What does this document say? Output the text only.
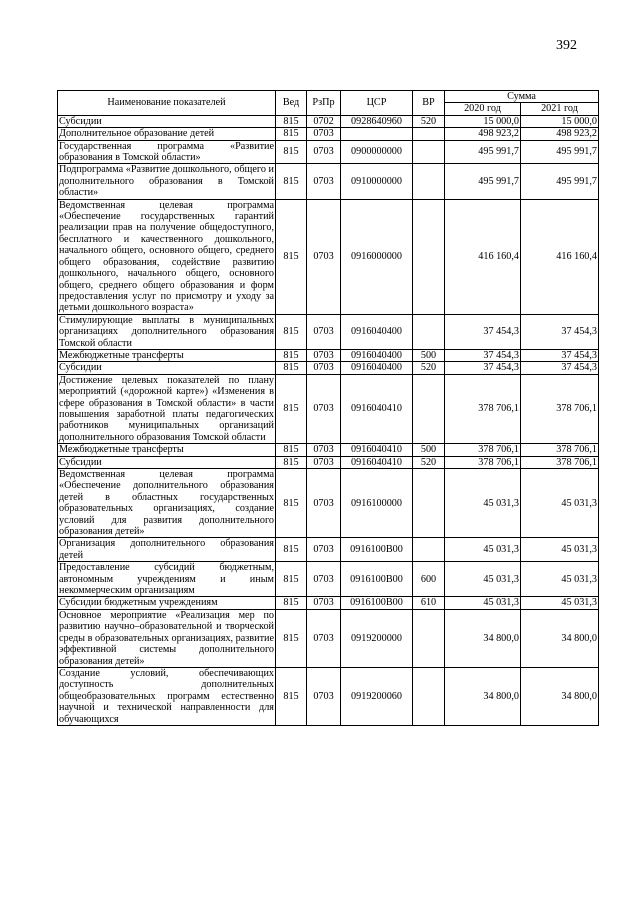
392
Наименование показателей	Вед	РзПр	ЦСР	ВР	Сумма	
					2020 год	2021 год
Субсидии	815	0702	0928640960	520	15 000,0	15 000,0
Дополнительное образование детей	815	0703			498 923,2	498 923,2
Государственная программа «Развитие образования в Томской области»	815	0703	0900000000		495 991,7	495 991,7
Подпрограмма «Развитие дошкольного, общего и дополнительного образования в Томской области»	815	0703	0910000000		495 991,7	495 991,7
Ведомственная целевая программа «Обеспечение государственных гарантий реализации прав на получение общедоступного, бесплатного и качественного дошкольного, начального общего, основного общего, среднего общего образования, содействие развитию дошкольного, начального общего, основного общего, среднего общего образования и форм предоставления услуг по присмотру и уходу за детьми дошкольного возраста»	815	0703	0916000000		416 160,4	416 160,4
Стимулирующие выплаты в муниципальных организациях дополнительного образования Томской области	815	0703	0916040400		37 454,3	37 454,3
Межбюджетные трансферты	815	0703	0916040400	500	37 454,3	37 454,3
Субсидии	815	0703	0916040400	520	37 454,3	37 454,3
Достижение целевых показателей по плану мероприятий («дорожной карте») «Изменения в сфере образования в Томской области» в части повышения заработной платы педагогических работников муниципальных организаций дополнительного образования Томской области	815	0703	0916040410		378 706,1	378 706,1
Межбюджетные трансферты	815	0703	0916040410	500	378 706,1	378 706,1
Субсидии	815	0703	0916040410	520	378 706,1	378 706,1
Ведомственная целевая программа «Обеспечение дополнительного образования детей в областных государственных образовательных организациях, создание условий для развития дополнительного образования детей»	815	0703	0916100000		45 031,3	45 031,3
Организация дополнительного образования детей	815	0703	0916100В00		45 031,3	45 031,3
Предоставление субсидий бюджетным, автономным учреждениям и иным некоммерческим организациям	815	0703	0916100В00	600	45 031,3	45 031,3
Субсидии бюджетным учреждениям	815	0703	0916100В00	610	45 031,3	45 031,3
Основное мероприятие «Реализация мер по развитию научно–образовательной и творческой среды в образовательных организациях, развитие эффективной системы дополнительного образования детей»	815	0703	0919200000		34 800,0	34 800,0
Создание условий, обеспечивающих доступность дополнительных общеобразовательных программ естественно научной и технической направленности для обучающихся	815	0703	0919200060		34 800,0	34 800,0
